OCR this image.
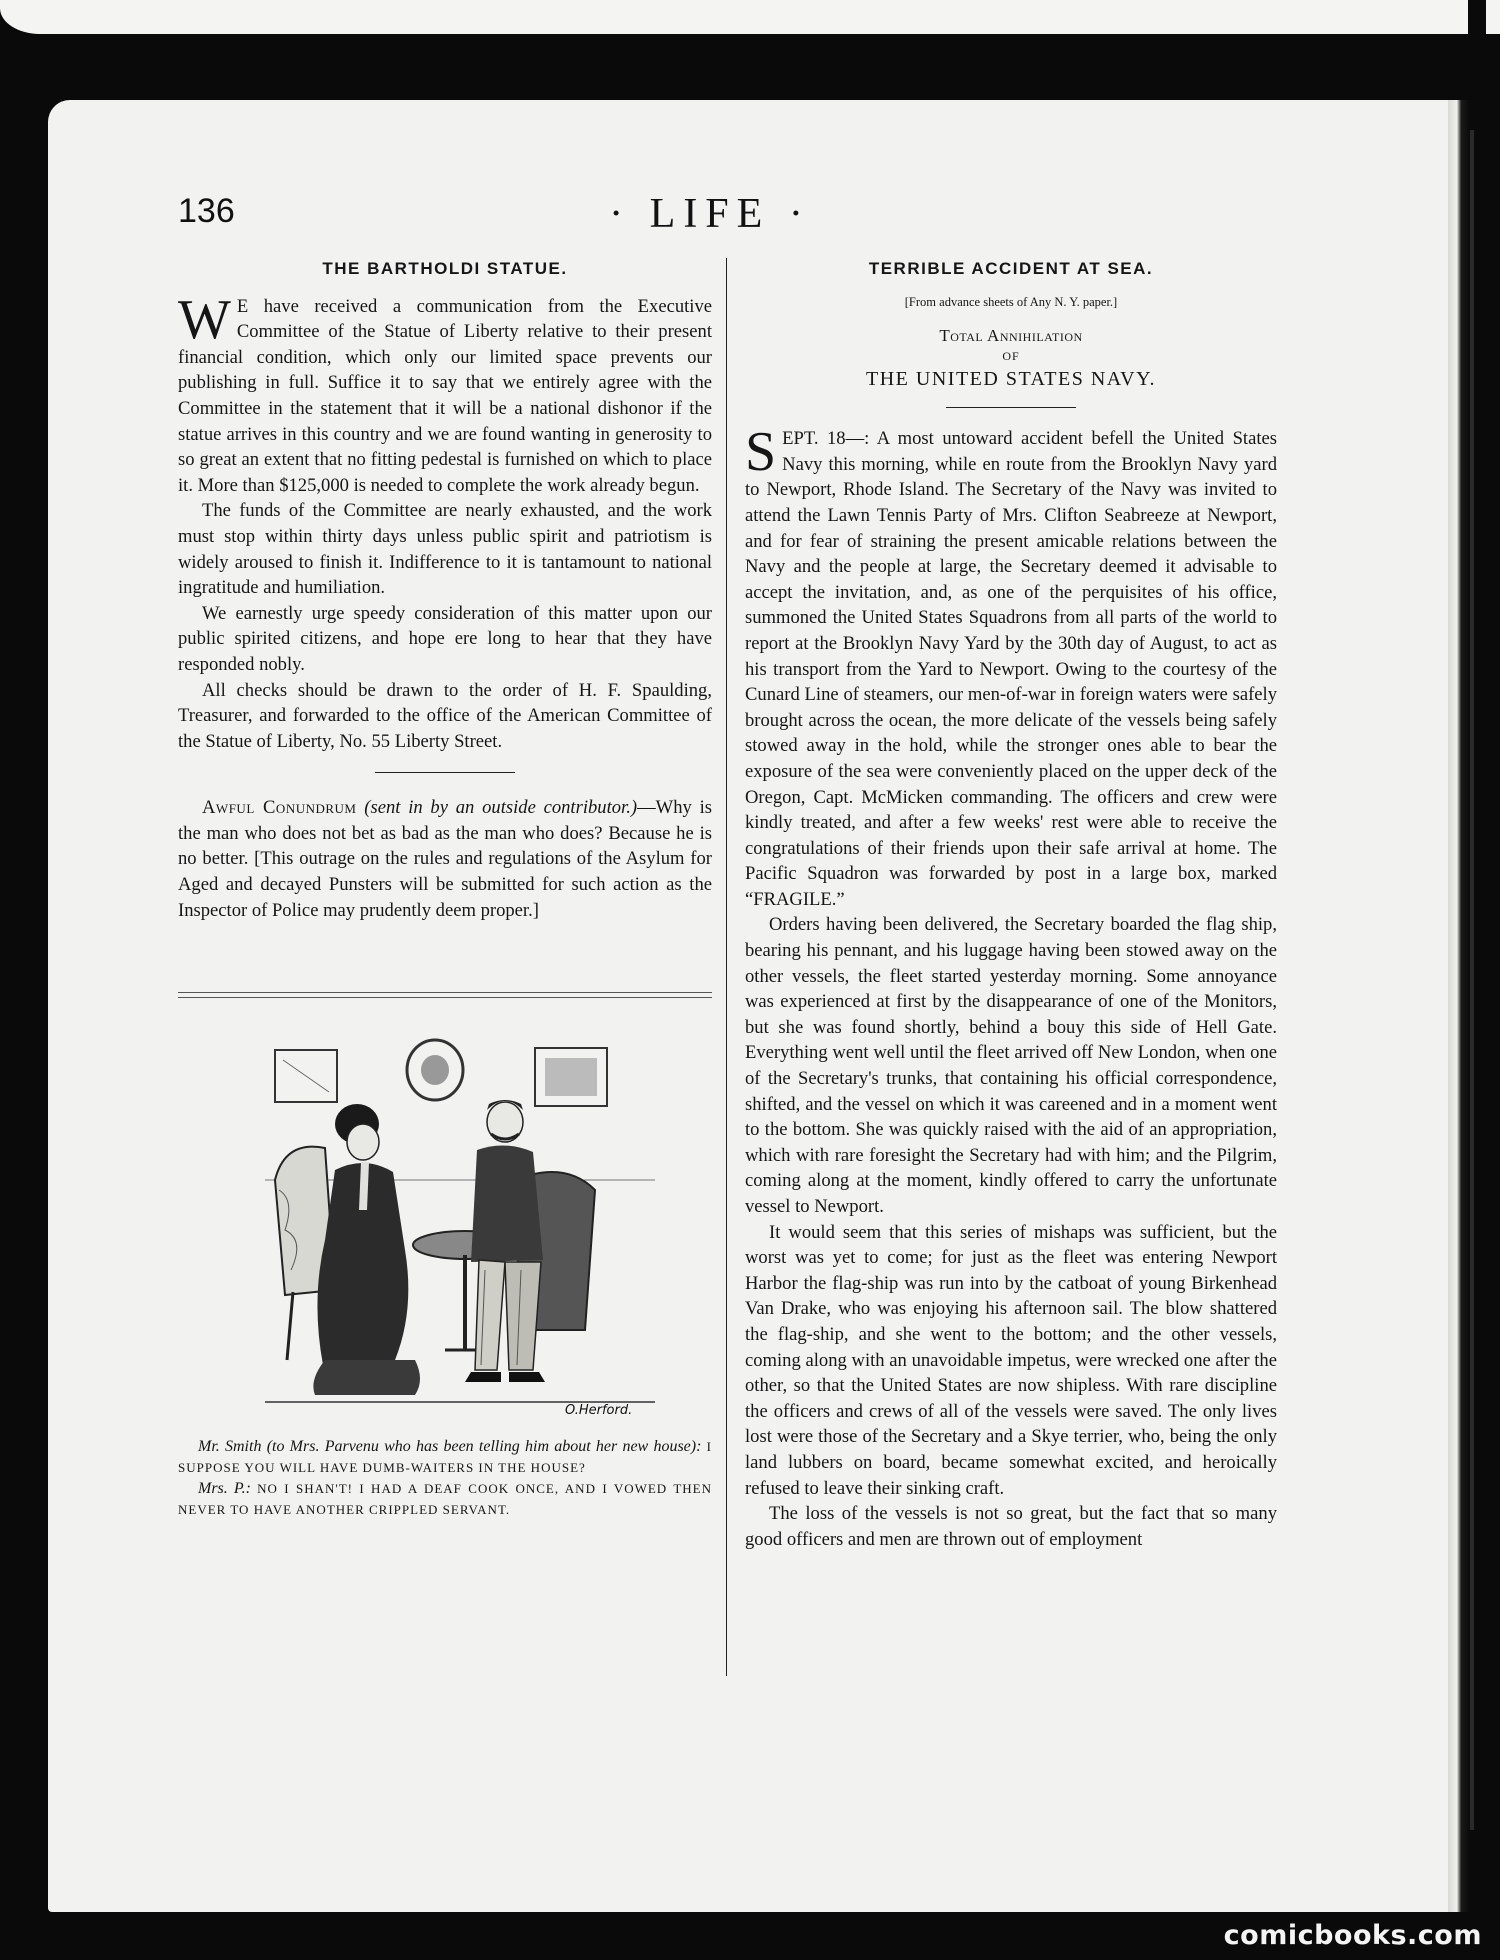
136	· LIFE ·
THE BARTHOLDI STATUE.

W E have received a communication from the Executive Committee of the Statue of Liberty relative to their present financial condition, which only our limited space prevents our publishing in full. Suffice it to say that we entirely agree with the Committee in the statement that it will be a national dishonor if the statue arrives in this country and we are found wanting in generosity to so great an extent that no fitting pedestal is furnished on which to place it. More than $125,000 is needed to complete the work already begun.

The funds of the Committee are nearly exhausted, and the work must stop within thirty days unless public spirit and patriotism is widely aroused to finish it. Indifference to it is tantamount to national ingratitude and humiliation.

We earnestly urge speedy consideration of this matter upon our public spirited citizens, and hope ere long to hear that they have responded nobly.

All checks should be drawn to the order of H. F. Spaulding, Treasurer, and forwarded to the office of the American Committee of the Statue of Liberty, No. 55 Liberty Street.

Awful Conundrum (sent in by an outside contributor.)—Why is the man who does not bet as bad as the man who does? Because he is no better. [This outrage on the rules and regulations of the Asylum for Aged and decayed Punsters will be submitted for such action as the Inspector of Police may prudently deem proper.]

O.Herford.

Mr. Smith (to Mrs. Parvenu who has been telling him about her new house): I SUPPOSE YOU WILL HAVE DUMB-WAITERS IN THE HOUSE?

Mrs. P.: NO I SHAN'T! I HAD A DEAF COOK ONCE, AND I VOWED THEN NEVER TO HAVE ANOTHER CRIPPLED SERVANT.

TERRIBLE ACCIDENT AT SEA.
[From advance sheets of Any N. Y. paper.]
Total Annihilation
OF
THE UNITED STATES NAVY.

SEPT. 18—: A most untoward accident befell the United States Navy this morning, while en route from the Brooklyn Navy yard to Newport, Rhode Island. The Secretary of the Navy was invited to attend the Lawn Tennis Party of Mrs. Clifton Seabreeze at Newport, and for fear of straining the present amicable relations between the Navy and the people at large, the Secretary deemed it advisable to accept the invitation, and, as one of the perquisites of his office, summoned the United States Squadrons from all parts of the world to report at the Brooklyn Navy Yard by the 30th day of August, to act as his transport from the Yard to Newport. Owing to the courtesy of the Cunard Line of steamers, our men-of-war in foreign waters were safely brought across the ocean, the more delicate of the vessels being safely stowed away in the hold, while the stronger ones able to bear the exposure of the sea were conveniently placed on the upper deck of the Oregon, Capt. McMicken commanding. The officers and crew were kindly treated, and after a few weeks' rest were able to receive the congratulations of their friends upon their safe arrival at home. The Pacific Squadron was forwarded by post in a large box, marked “FRAGILE.”

Orders having been delivered, the Secretary boarded the flag ship, bearing his pennant, and his luggage having been stowed away on the other vessels, the fleet started yesterday morning. Some annoyance was experienced at first by the disappearance of one of the Monitors, but she was found shortly, behind a bouy this side of Hell Gate. Everything went well until the fleet arrived off New London, when one of the Secretary's trunks, that containing his official correspondence, shifted, and the vessel on which it was careened and in a moment went to the bottom. She was quickly raised with the aid of an appropriation, which with rare foresight the Secretary had with him; and the Pilgrim, coming along at the moment, kindly offered to carry the unfortunate vessel to Newport.

It would seem that this series of mishaps was sufficient, but the worst was yet to come; for just as the fleet was entering Newport Harbor the flag-ship was run into by the catboat of young Birkenhead Van Drake, who was enjoying his afternoon sail. The blow shattered the flag-ship, and she went to the bottom; and the other vessels, coming along with an unavoidable impetus, were wrecked one after the other, so that the United States are now shipless. With rare discipline the officers and crews of all of the vessels were saved. The only lives lost were those of the Secretary and a Skye terrier, who, being the only land lubbers on board, became somewhat excited, and heroically refused to leave their sinking craft.

The loss of the vessels is not so great, but the fact that so many good officers and men are thrown out of employment

comicbooks.com
